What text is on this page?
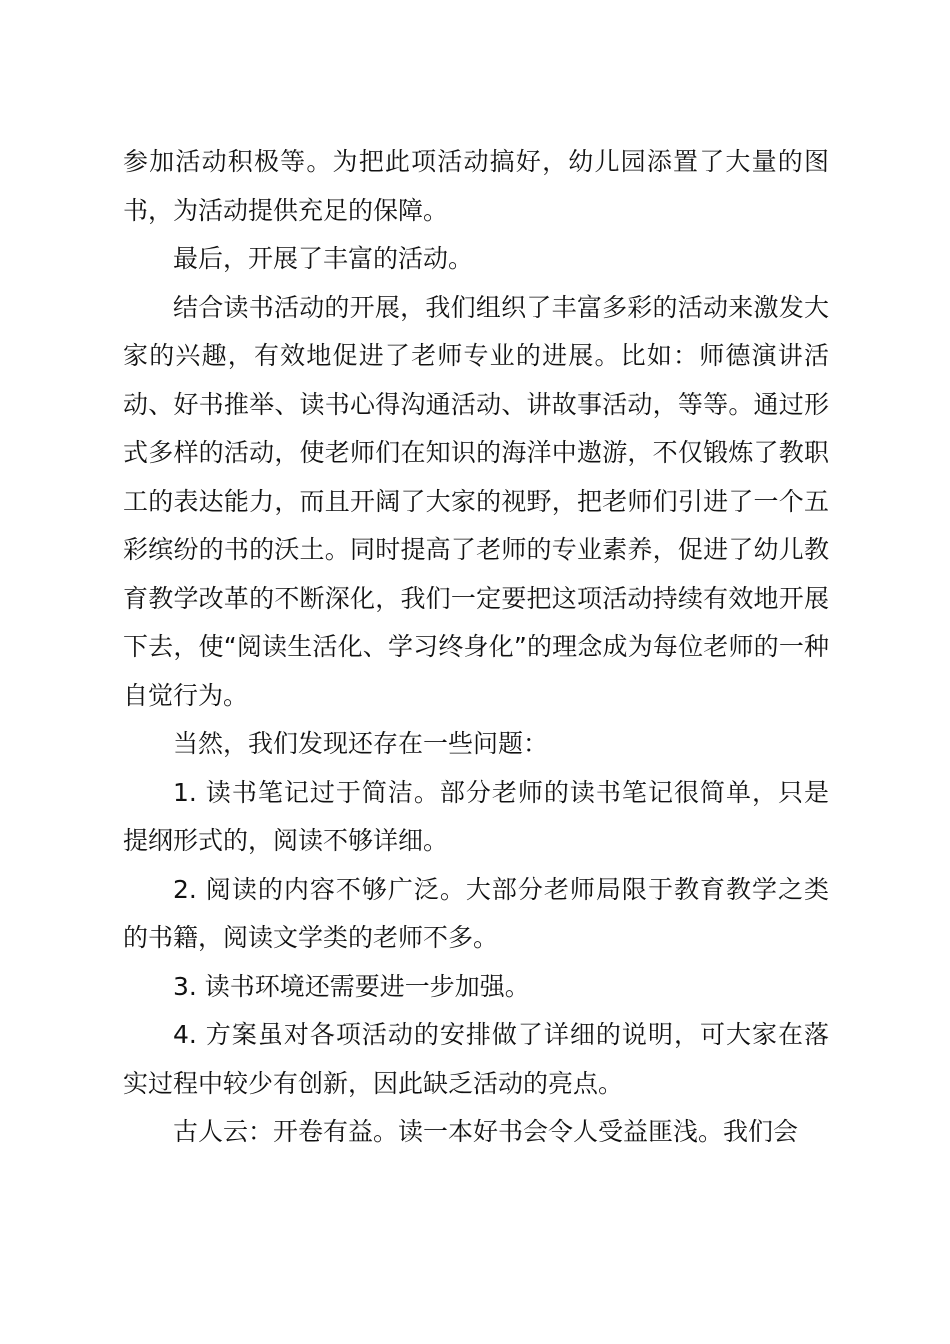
参加活动积极等。为把此项活动搞好，幼儿园添置了大量的图书，为活动提供充足的保障。

最后，开展了丰富的活动。

结合读书活动的开展，我们组织了丰富多彩的活动来激发大家的兴趣，有效地促进了老师专业的进展。比如：师德演讲活动、好书推举、读书心得沟通活动、讲故事活动，等等。通过形式多样的活动，使老师们在知识的海洋中遨游，不仅锻炼了教职工的表达能力，而且开阔了大家的视野，把老师们引进了一个五彩缤纷的书的沃土。同时提高了老师的专业素养，促进了幼儿教育教学改革的不断深化，我们一定要把这项活动持续有效地开展下去，使“阅读生活化、学习终身化”的理念成为每位老师的一种自觉行为。

当然，我们发现还存在一些问题：

1. 读书笔记过于简洁。部分老师的读书笔记很简单，只是提纲形式的，阅读不够详细。

2. 阅读的内容不够广泛。大部分老师局限于教育教学之类的书籍，阅读文学类的老师不多。

3. 读书环境还需要进一步加强。

4. 方案虽对各项活动的安排做了详细的说明，可大家在落实过程中较少有创新，因此缺乏活动的亮点。

古人云：开卷有益。读一本好书会令人受益匪浅。我们会
